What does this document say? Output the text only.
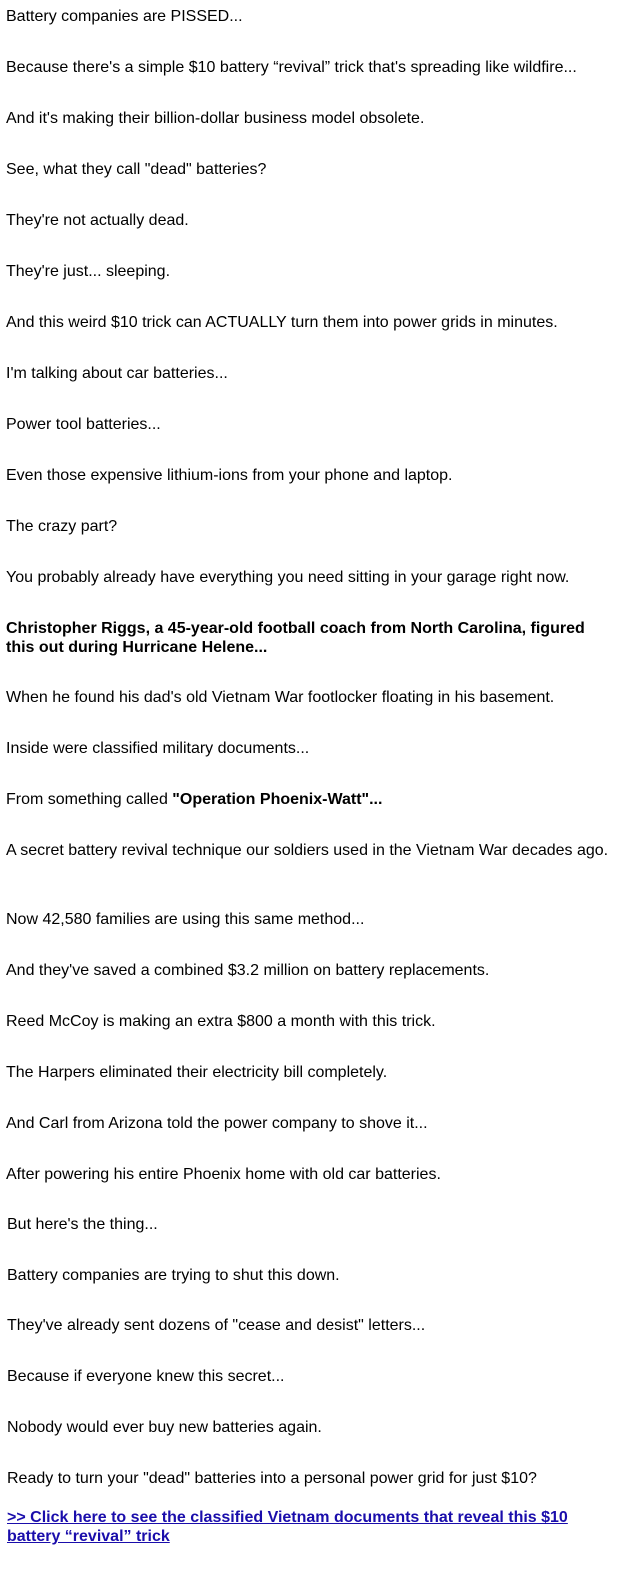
Battery companies are PISSED...

Because there's a simple $10 battery “revival” trick that's spreading like wildfire...

And it's making their billion-dollar business model obsolete.

See, what they call "dead" batteries?

They're not actually dead.

They're just... sleeping.

And this weird $10 trick can ACTUALLY turn them into power grids in minutes.

I'm talking about car batteries...

Power tool batteries...

Even those expensive lithium-ions from your phone and laptop.

The crazy part?

You probably already have everything you need sitting in your garage right now.

Christopher Riggs, a 45-year-old football coach from North Carolina, figured this out during Hurricane Helene...

When he found his dad's old Vietnam War footlocker floating in his basement.

Inside were classified military documents...

From something called "Operation Phoenix-Watt"...

A secret battery revival technique our soldiers used in the Vietnam War decades ago.

Now 42,580 families are using this same method...

And they've saved a combined $3.2 million on battery replacements.

Reed McCoy is making an extra $800 a month with this trick.

The Harpers eliminated their electricity bill completely.

And Carl from Arizona told the power company to shove it...

After powering his entire Phoenix home with old car batteries.

But here's the thing...

Battery companies are trying to shut this down.

They've already sent dozens of "cease and desist" letters...

Because if everyone knew this secret...

Nobody would ever buy new batteries again.

Ready to turn your "dead" batteries into a personal power grid for just $10?

>> Click here to see the classified Vietnam documents that reveal this $10 battery “revival” trick
